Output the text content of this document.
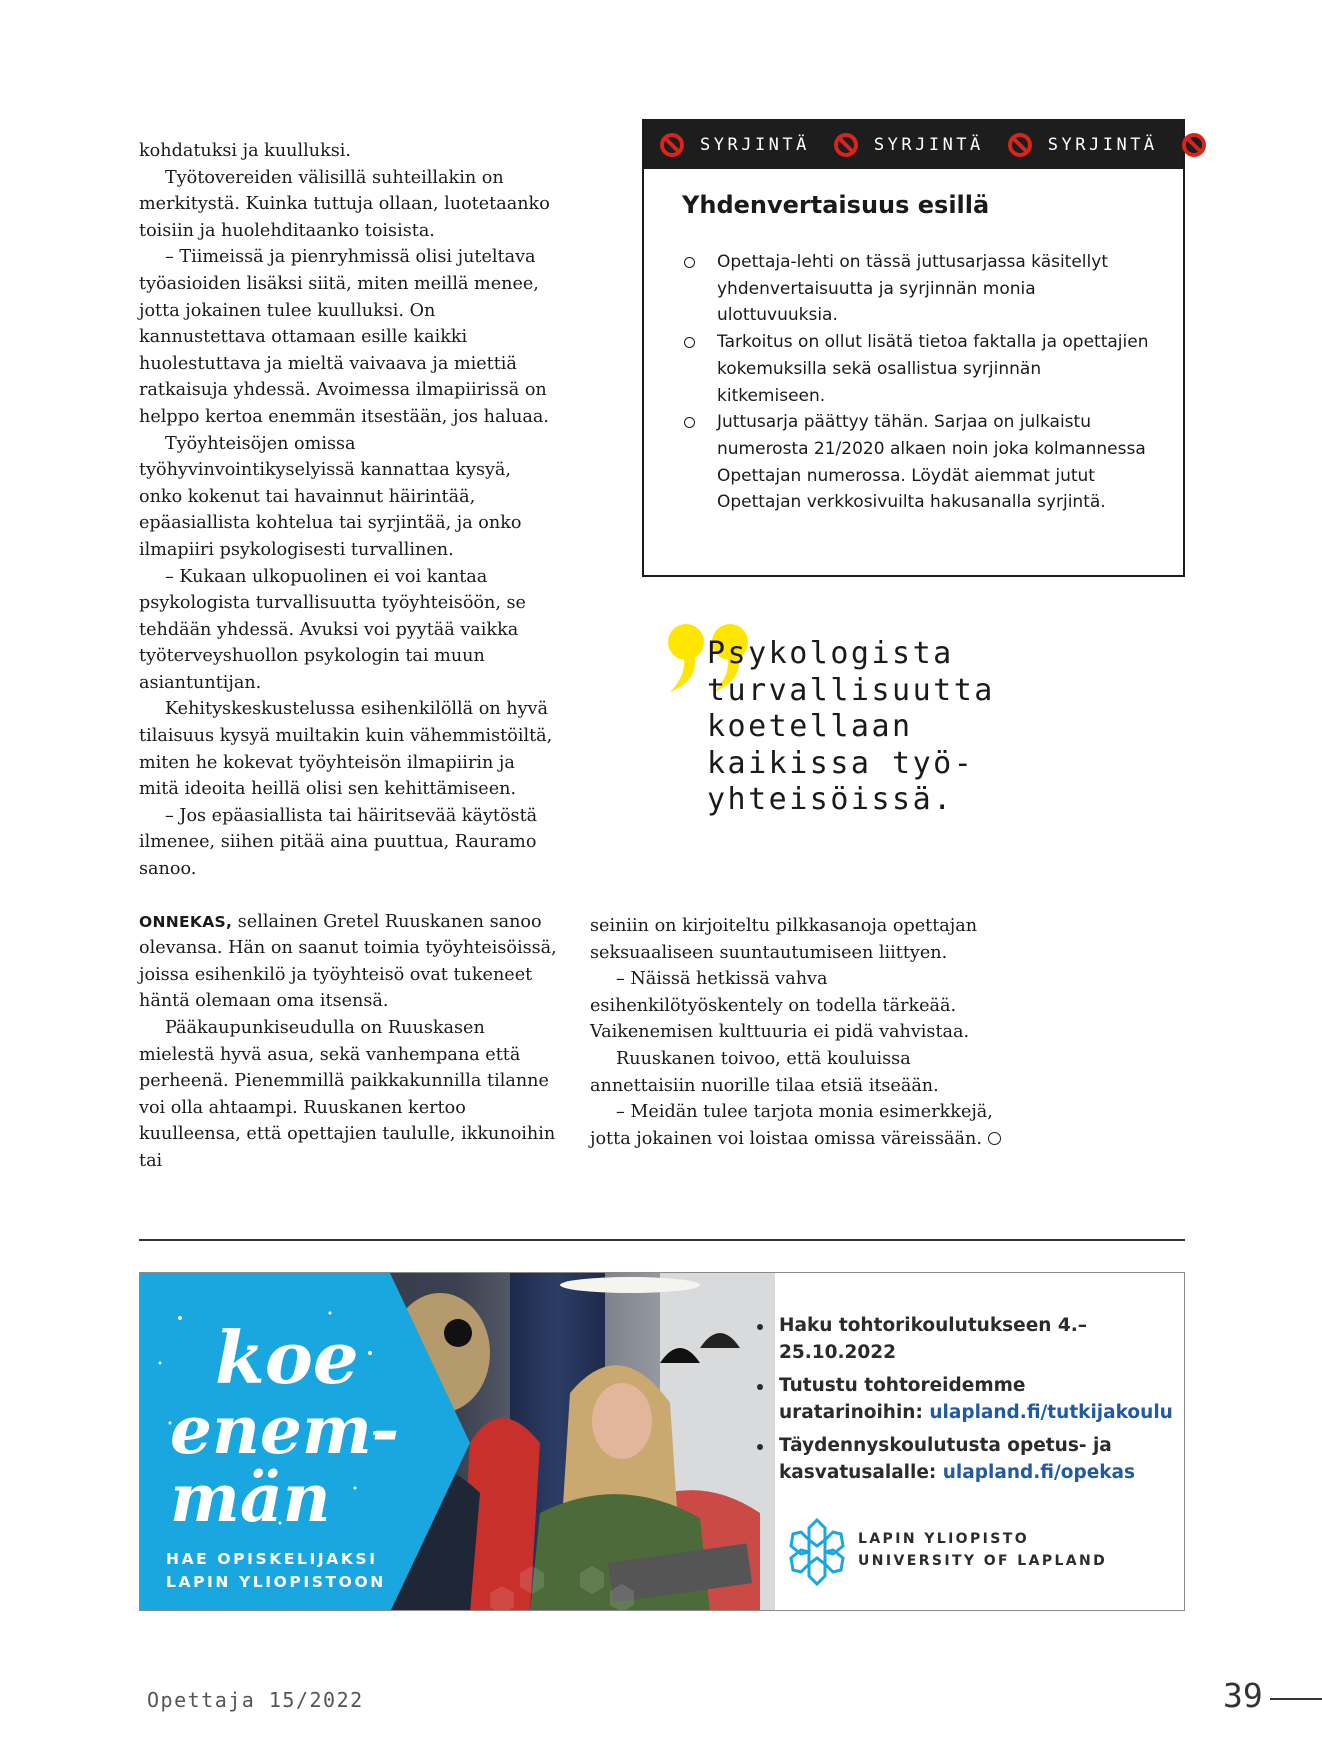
kohdatuksi ja kuulluksi.

Työtovereiden välisillä suhteillakin on merkitystä. Kuinka tuttuja ollaan, luotetaanko toisiin ja huolehditaanko toisista.

– Tiimeissä ja pienryhmissä olisi juteltava työasioiden lisäksi siitä, miten meillä menee, jotta jokainen tulee kuulluksi. On kannustettava ottamaan esille kaikki huolestuttava ja mieltä vaivaava ja miettiä ratkaisuja yhdessä. Avoimessa ilmapiirissä on helppo kertoa enemmän itsestään, jos haluaa.

Työyhteisöjen omissa työhyvinvointikyselyissä kannattaa kysyä, onko kokenut tai havainnut häirintää, epäasiallista kohtelua tai syrjintää, ja onko ilmapiiri psykologisesti turvallinen.

– Kukaan ulkopuolinen ei voi kantaa psykologista turvallisuutta työyhteisöön, se tehdään yhdessä. Avuksi voi pyytää vaikka työterveyshuollon psykologin tai muun asiantuntijan.

Kehityskeskustelussa esihenkilöllä on hyvä tilaisuus kysyä muiltakin kuin vähemmistöiltä, miten he kokevat työyhteisön ilmapiirin ja mitä ideoita heillä olisi sen kehittämiseen.

– Jos epäasiallista tai häiritsevää käytöstä ilmenee, siihen pitää aina puuttua, Rauramo sanoo.

ONNEKAS, sellainen Gretel Ruuskanen sanoo olevansa. Hän on saanut toimia työyhteisöissä, joissa esihenkilö ja työyhteisö ovat tukeneet häntä olemaan oma itsensä.

Pääkaupunkiseudulla on Ruuskasen mielestä hyvä asua, sekä vanhempana että perheenä. Pienemmillä paikkakunnilla tilanne voi olla ahtaampi. Ruuskanen kertoo kuulleensa, että opettajien taululle, ikkunoihin tai

seiniin on kirjoiteltu pilkkasanoja opettajan seksuaaliseen suuntautumiseen liittyen.

– Näissä hetkissä vahva esihenkilötyöskentely on todella tärkeää. Vaikenemisen kulttuuria ei pidä vahvistaa.

Ruuskanen toivoo, että kouluissa annettaisiin nuorille tilaa etsiä itseään.

– Meidän tulee tarjota monia esimerkkejä, jotta jokainen voi loistaa omissa väreissään.

SYRJINTÄ	SYRJINTÄ	SYRJINTÄ
Yhdenvertaisuus esillä
Opettaja-lehti on tässä juttusarjassa käsitellyt yhdenvertaisuutta ja syrjinnän monia ulottuvuuksia.
Tarkoitus on ollut lisätä tietoa faktalla ja opettajien kokemuksilla sekä osallistua syrjinnän kitkemiseen.
Juttusarja päättyy tähän. Sarjaa on julkaistu numerosta 21/2020 alkaen noin joka kolmannessa Opettajan numerossa. Löydät aiemmat jutut Opettajan verkkosivuilta hakusanalla syrjintä.
Psykologista
turvallisuutta
koetellaan
kaikissa työ-
yhteisöissä.
koe
enem-
män
HAE OPISKELIJAKSI
LAPIN YLIOPISTOON
Haku tohtorikoulutukseen 4.–25.10.2022
Tutustu tohtoreidemme uratarinoihin: ulapland.fi/tutkijakoulu
Täydennyskoulutusta opetus- ja kasvatusalalle: ulapland.fi/opekas
LAPIN YLIOPISTO
UNIVERSITY OF LAPLAND
Opettaja 15/2022	39
